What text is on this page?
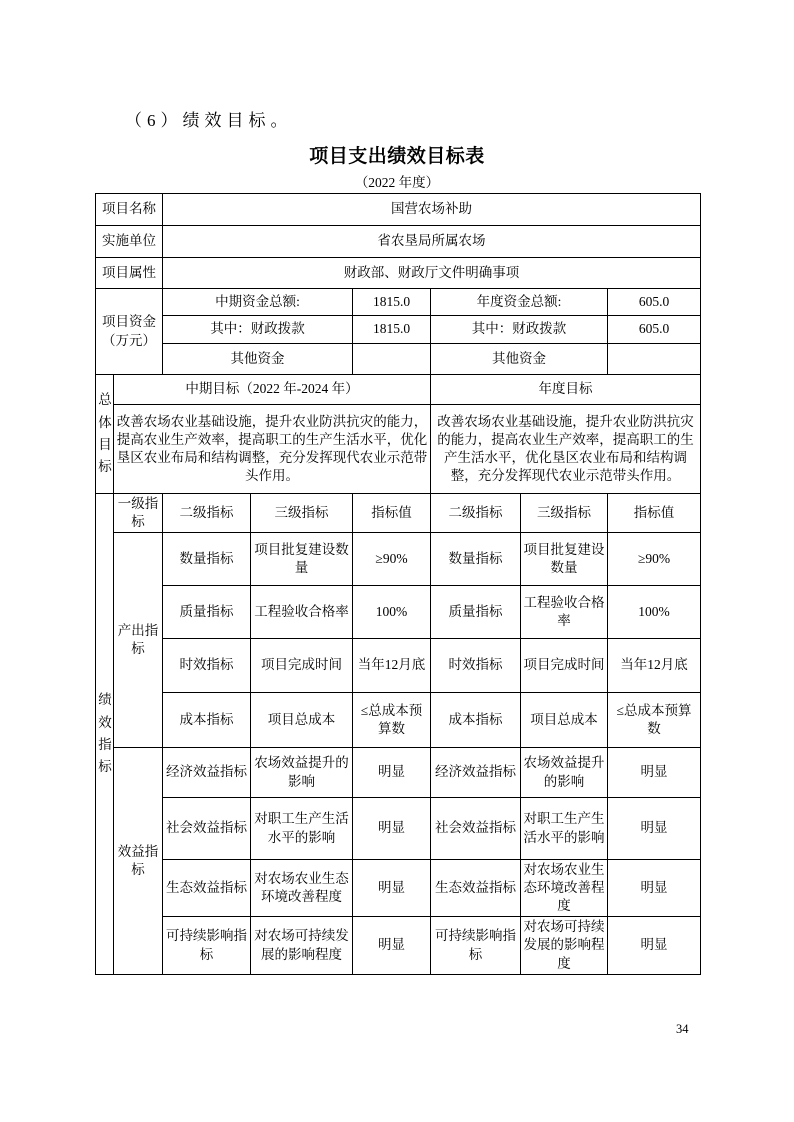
（6）绩效目标。
项目支出绩效目标表
（2022 年度）
项目名称		国营农场补助					
实施单位		省农垦局所属农场					
项目属性		财政部、财政厅文件明确事项					
项目资金（万元）		中期资金总额:		1815.0	年度资金总额:		605.0
		其中：财政拨款		1815.0	其中：财政拨款		605.0
		其他资金			其他资金		

总体目标	中期目标（2022 年-2024 年）				年度目标		
	改善农场农业基础设施，提升农业防洪抗灾的能力，提高农业生产效率，提高职工的生产生活水平，优化垦区农业布局和结构调整，充分发挥现代农业示范带头作用。				改善农场农业基础设施，提升农业防洪抗灾的能力，提高农业生产效率，提高职工的生产生活水平，优化垦区农业布局和结构调整，充分发挥现代农业示范带头作用。		

绩效指标	一级指标	二级指标	三级指标	指标值	二级指标	三级指标	指标值
	产出指标	数量指标	项目批复建设数量	≥90%	数量指标	项目批复建设数量	≥90%
		质量指标	工程验收合格率	100%	质量指标	工程验收合格率	100%
		时效指标	项目完成时间	当年12月底	时效指标	项目完成时间	当年12月底
		成本指标	项目总成本	≤总成本预算数	成本指标	项目总成本	≤总成本预算数
	效益指标	经济效益指标	农场效益提升的影响	明显	经济效益指标	农场效益提升的影响	明显
		社会效益指标	对职工生产生活水平的影响	明显	社会效益指标	对职工生产生活水平的影响	明显
		生态效益指标	对农场农业生态环境改善程度	明显	生态效益指标	对农场农业生态环境改善程度	明显
		可持续影响指标	对农场可持续发展的影响程度	明显	可持续影响指标	对农场可持续发展的影响程度	明显
34
